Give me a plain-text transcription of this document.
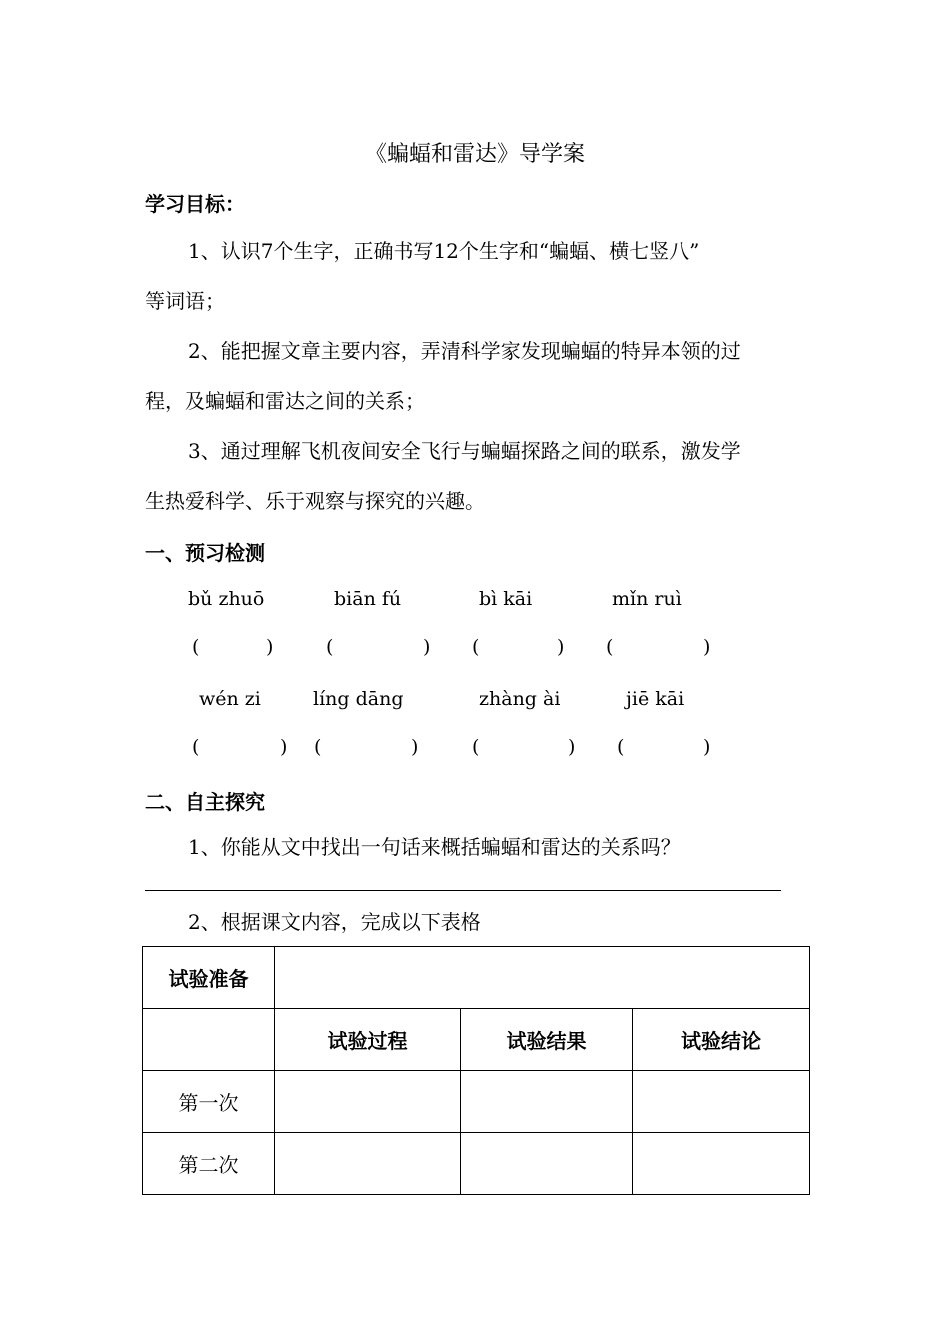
《蝙蝠和雷达》导学案
学习目标：
1、认识7个生字，正确书写12个生字和“蝙蝠、横七竖八”
等词语；
2、能把握文章主要内容，弄清科学家发现蝙蝠的特异本领的过
程，及蝙蝠和雷达之间的关系；
3、通过理解飞机夜间安全飞行与蝙蝠探路之间的联系，激发学
生热爱科学、乐于观察与探究的兴趣。
一、预习检测
bǔ zhuō	biān fú	bì kāi	mǐn ruì
(	)	(	) (	) (	)
wén zi	líng dāng	zhàng ài	jiē kāi
(	) (	)	(	) (	)
二、自主探究
1、你能从文中找出一句话来概括蝙蝠和雷达的关系吗？
2、根据课文内容，完成以下表格
试验准备			
	试验过程	试验结果	试验结论
第一次			
第二次			
